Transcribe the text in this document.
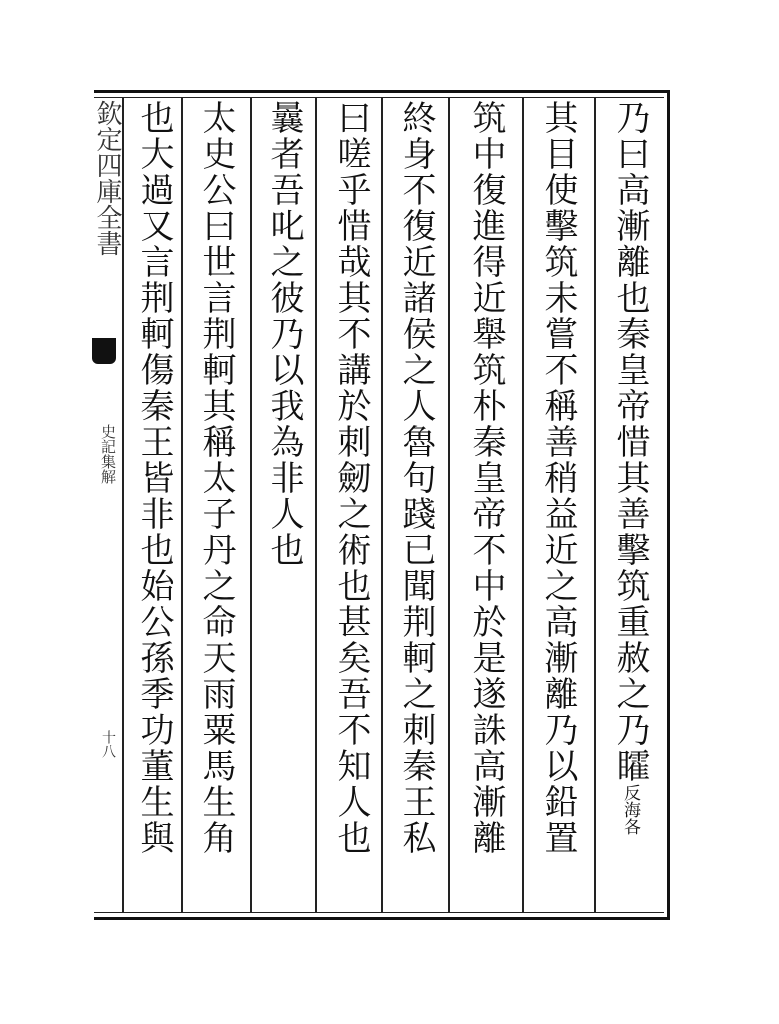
欽定四庫全書
史記集解
十八	乃曰高漸離也秦皇帝惜其善擊筑重赦之乃矐
海各
反
其目使擊筑未嘗不稱善稍益近之高漸離乃以鉛置
筑中復進得近舉筑朴秦皇帝不中於是遂誅高漸離
終身不復近諸侯之人魯句踐已聞荆軻之刺秦王私
曰嗟乎惜哉其不講於刺劒之術也甚矣吾不知人也
曩者吾叱之彼乃以我為非人也
太史公曰世言荆軻其稱太子丹之命天雨粟馬生角
也大過又言荆軻傷秦王皆非也始公孫季功董生與
